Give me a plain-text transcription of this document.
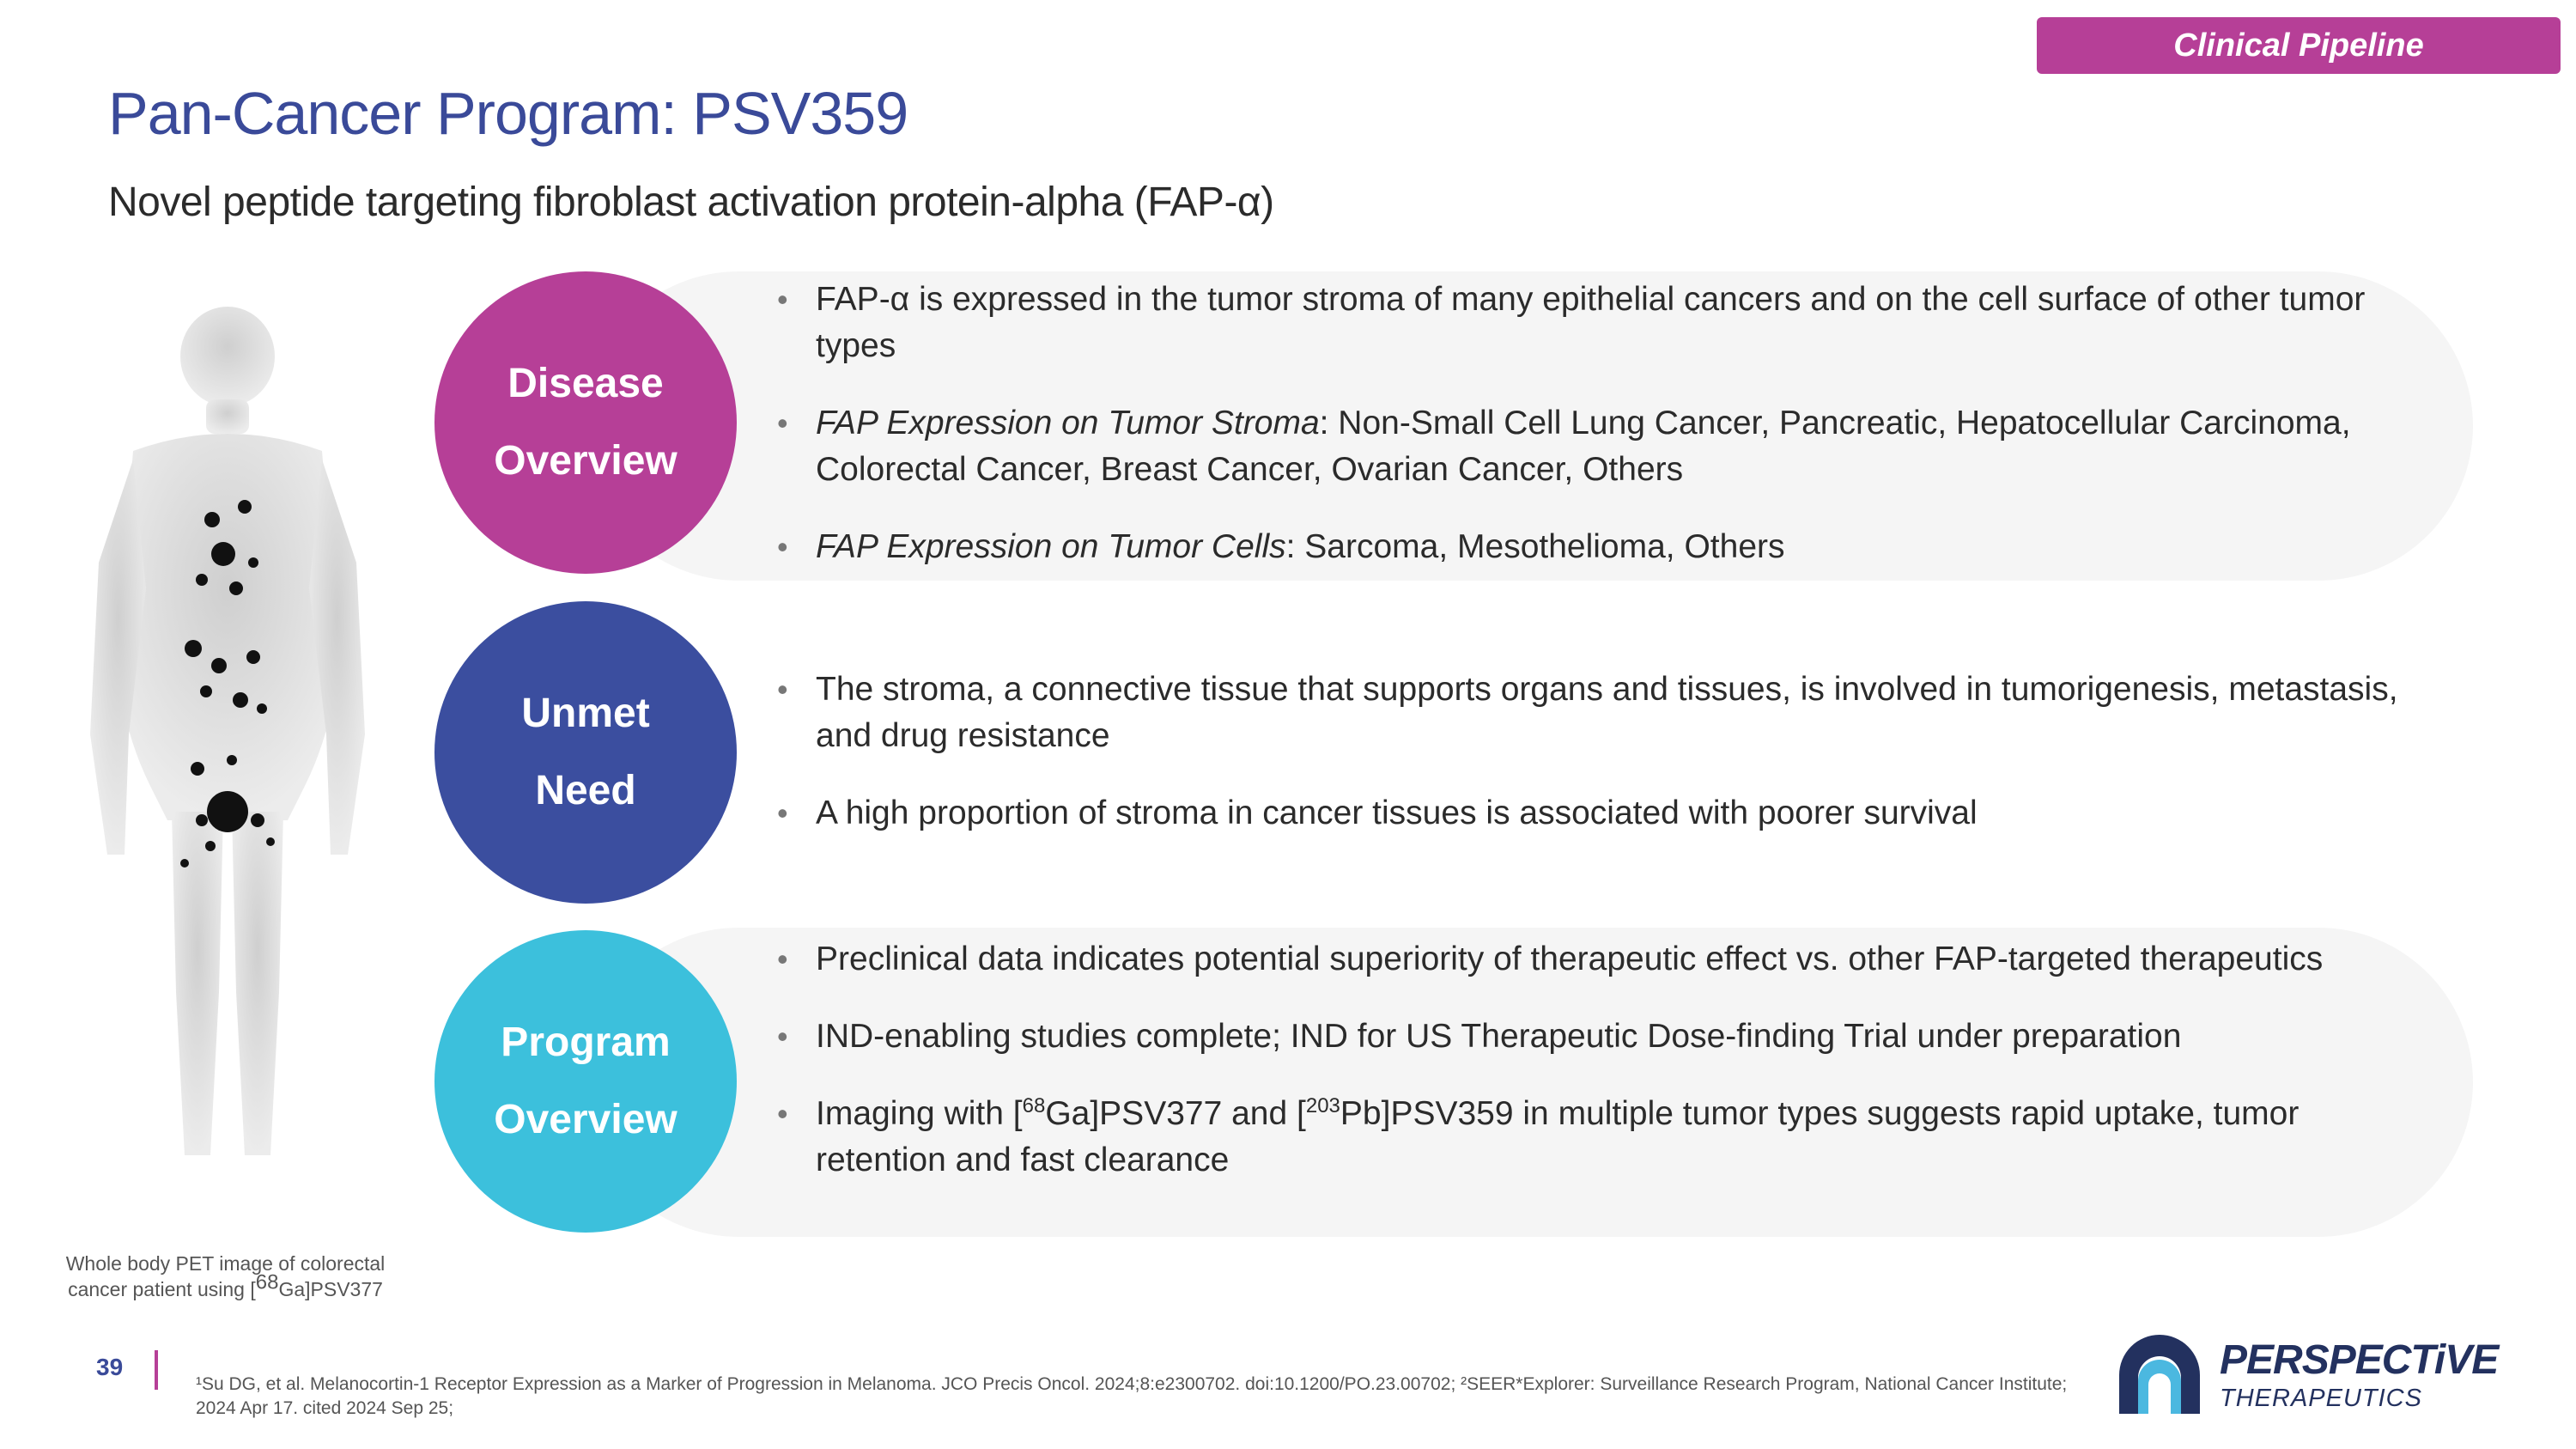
Clinical Pipeline
Pan-Cancer Program: PSV359
Novel peptide targeting fibroblast activation protein-alpha (FAP-α)
Whole body PET image of colorectal
cancer patient using [$^{68}$Ga]PSV377
Disease
Overview
• FAP-α is expressed in the tumor stroma of many epithelial cancers and on the cell surface of other tumor types
• FAP Expression on Tumor Stroma: Non-Small Cell Lung Cancer, Pancreatic, Hepatocellular Carcinoma, Colorectal Cancer, Breast Cancer, Ovarian Cancer, Others
• FAP Expression on Tumor Cells: Sarcoma, Mesothelioma, Others
Unmet
Need
• The stroma, a connective tissue that supports organs and tissues, is involved in tumorigenesis, metastasis, and drug resistance
• A high proportion of stroma in cancer tissues is associated with poorer survival
Program
Overview
• Preclinical data indicates potential superiority of therapeutic effect vs. other FAP-targeted therapeutics
• IND-enabling studies complete; IND for US Therapeutic Dose-finding Trial under preparation
• Imaging with [$^{68}$Ga]PSV377 and [$^{203}$Pb]PSV359 in multiple tumor types suggests rapid uptake, tumor retention and fast clearance
39
¹Su DG, et al. Melanocortin-1 Receptor Expression as a Marker of Progression in Melanoma. JCO Precis Oncol. 2024;8:e2300702. doi:10.1200/PO.23.00702; ²SEER*Explorer: Surveillance Research Program, National Cancer Institute; 2024 Apr 17. cited 2024 Sep 25;
PERSPECTiVE
THERAPEUTICS
